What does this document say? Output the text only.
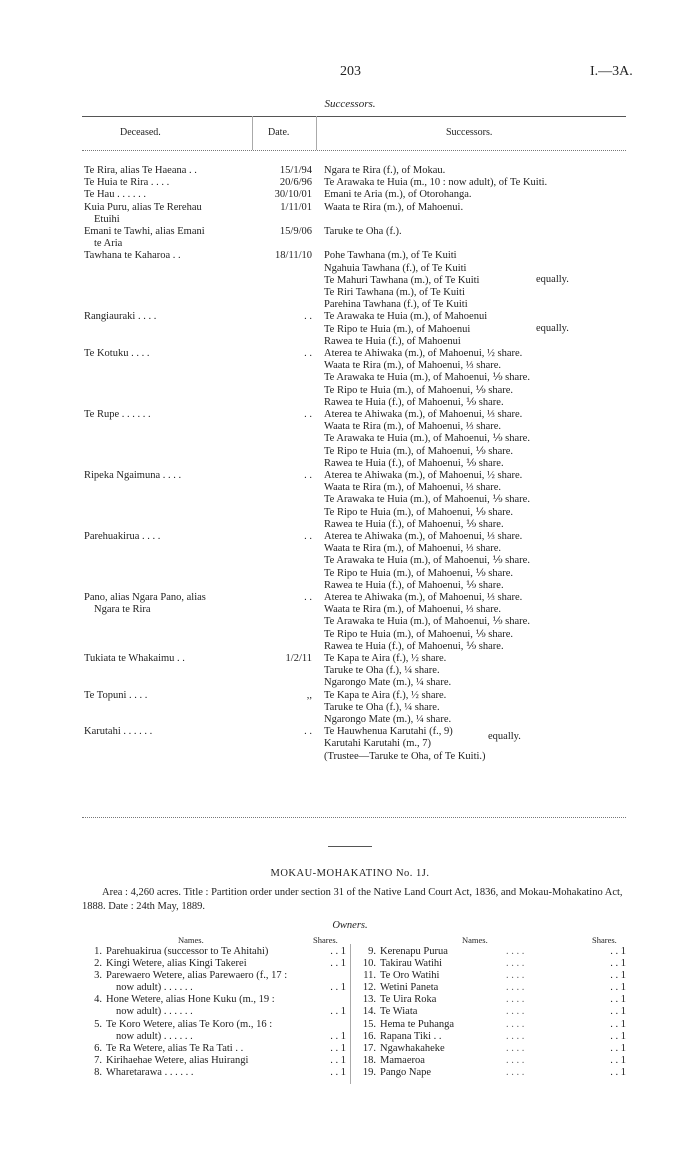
203	I.—3A.
Successors.
Deceased.	Date.	Successors.
Te Rira, alias Te Haeana . .	15/1/94 Ngara te Rira (f.), of Mokau.
Te Huia te Rira . . . .	20/6/96 Te Arawaka te Huia (m., 10 : now adult), of Te Kuiti.
Te Hau . . . . . .	30/10/01 Emani te Aria (m.), of Otorohanga.
Kuia Puru, alias Te Rerehau
Etuihi
1/11/01 Waata te Rira (m.), of Mahoenui.
Emani te Tawhi, alias Emani
te Aria
15/9/06 Taruke te Oha (f.).
Tawhana te Kaharoa . .	18/11/10 Pohe Tawhana (m.), of Te Kuiti
Ngahuia Tawhana (f.), of Te Kuiti
Te Mahuri Tawhana (m.), of Te Kuiti
Te Riri Tawhana (m.), of Te Kuiti
Parehina Tawhana (f.), of Te Kuiti
equally.
Rangiauraki . . . .	. . Te Arawaka te Huia (m.), of Mahoenui
Te Ripo te Huia (m.), of Mahoenui
Rawea te Huia (f.), of Mahoenui
equally.
Te Kotuku . . . .	. . Aterea te Ahiwaka (m.), of Mahoenui, ½ share.
Waata te Rira (m.), of Mahoenui, ⅓ share.
Te Arawaka te Huia (m.), of Mahoenui, ⅑ share.
Te Ripo te Huia (m.), of Mahoenui, ⅑ share.
Rawea te Huia (f.), of Mahoenui, ⅑ share.
Te Rupe . . . . . .	. . Aterea te Ahiwaka (m.), of Mahoenui, ⅓ share.
Waata te Rira (m.), of Mahoenui, ⅓ share.
Te Arawaka te Huia (m.), of Mahoenui, ⅑ share.
Te Ripo te Huia (m.), of Mahoenui, ⅑ share.
Rawea te Huia (f.), of Mahoenui, ⅑ share.
Ripeka Ngaimuna . . . .	. . Aterea te Ahiwaka (m.), of Mahoenui, ½ share.
Waata te Rira (m.), of Mahoenui, ⅓ share.
Te Arawaka te Huia (m.), of Mahoenui, ⅑ share.
Te Ripo te Huia (m.), of Mahoenui, ⅑ share.
Rawea te Huia (f.), of Mahoenui, ⅑ share.
Parehuakirua . . . .	. . Aterea te Ahiwaka (m.), of Mahoenui, ⅓ share.
Waata te Rira (m.), of Mahoenui, ⅓ share.
Te Arawaka te Huia (m.), of Mahoenui, ⅑ share.
Te Ripo te Huia (m.), of Mahoenui, ⅑ share.
Rawea te Huia (f.), of Mahoenui, ⅑ share.
Pano, alias Ngara Pano, alias
Ngara te Rira
. . Aterea te Ahiwaka (m.), of Mahoenui, ⅓ share.
Waata te Rira (m.), of Mahoenui, ⅓ share.
Te Arawaka te Huia (m.), of Mahoenui, ⅑ share.
Te Ripo te Huia (m.), of Mahoenui, ⅑ share.
Rawea te Huia (f.), of Mahoenui, ⅑ share.
Tukiata te Whakaimu . .	1/2/11 Te Kapa te Aira (f.), ½ share.
Taruke te Oha (f.), ¼ share.
Ngarongo Mate (m.), ¼ share.
Te Topuni . . . .	,, Te Kapa te Aira (f.), ½ share.
Taruke te Oha (f.), ¼ share.
Ngarongo Mate (m.), ¼ share.
Karutahi . . . . . .	. . Te Hauwhenua Karutahi (f., 9)
Karutahi Karutahi (m., 7)
(Trustee—Taruke te Oha, of Te Kuiti.)
equally.
MOKAU-MOHAKATINO No. 1J.
Area : 4,260 acres. Title : Partition order under section 31 of the Native Land Court Act, 1836, and Mokau-Mohakatino Act, 1888. Date : 24th May, 1889.
Owners.
Names.	Shares.	Names.	Shares.
1. Parehuakirua (successor to Te Ahitahi)	. . 1
2. Kingi Wetere, alias Kingi Takerei	. . 1
3. Parewaero Wetere, alias Parewaero (f., 17 :
now adult) . . . . . .	. . 1
4. Hone Wetere, alias Hone Kuku (m., 19 :
now adult) . . . . . .	. . 1
5. Te Koro Wetere, alias Te Koro (m., 16 :
now adult) . . . . . .	. . 1
6. Te Ra Wetere, alias Te Ra Tati . .	. . 1
7. Kirihaehae Wetere, alias Huirangi	. . 1
8. Wharetarawa . . . . . .	. . 1
9. Kerenapu Purua	. . . .	. . 1
10. Takirau Watihi	. . . .	. . 1
11. Te Oro Watihi	. . . .	. . 1
12. Wetini Paneta	. . . .	. . 1
13. Te Uira Roka	. . . .	. . 1
14. Te Wiata	. . . .	. . 1
15. Hema te Puhanga	. . . .	. . 1
16. Rapana Tiki . .	. . . .	. . 1
17. Ngawhakaheke	. . . .	. . 1
18. Mamaeroa	. . . .	. . 1
19. Pango Nape	. . . .	. . 1
